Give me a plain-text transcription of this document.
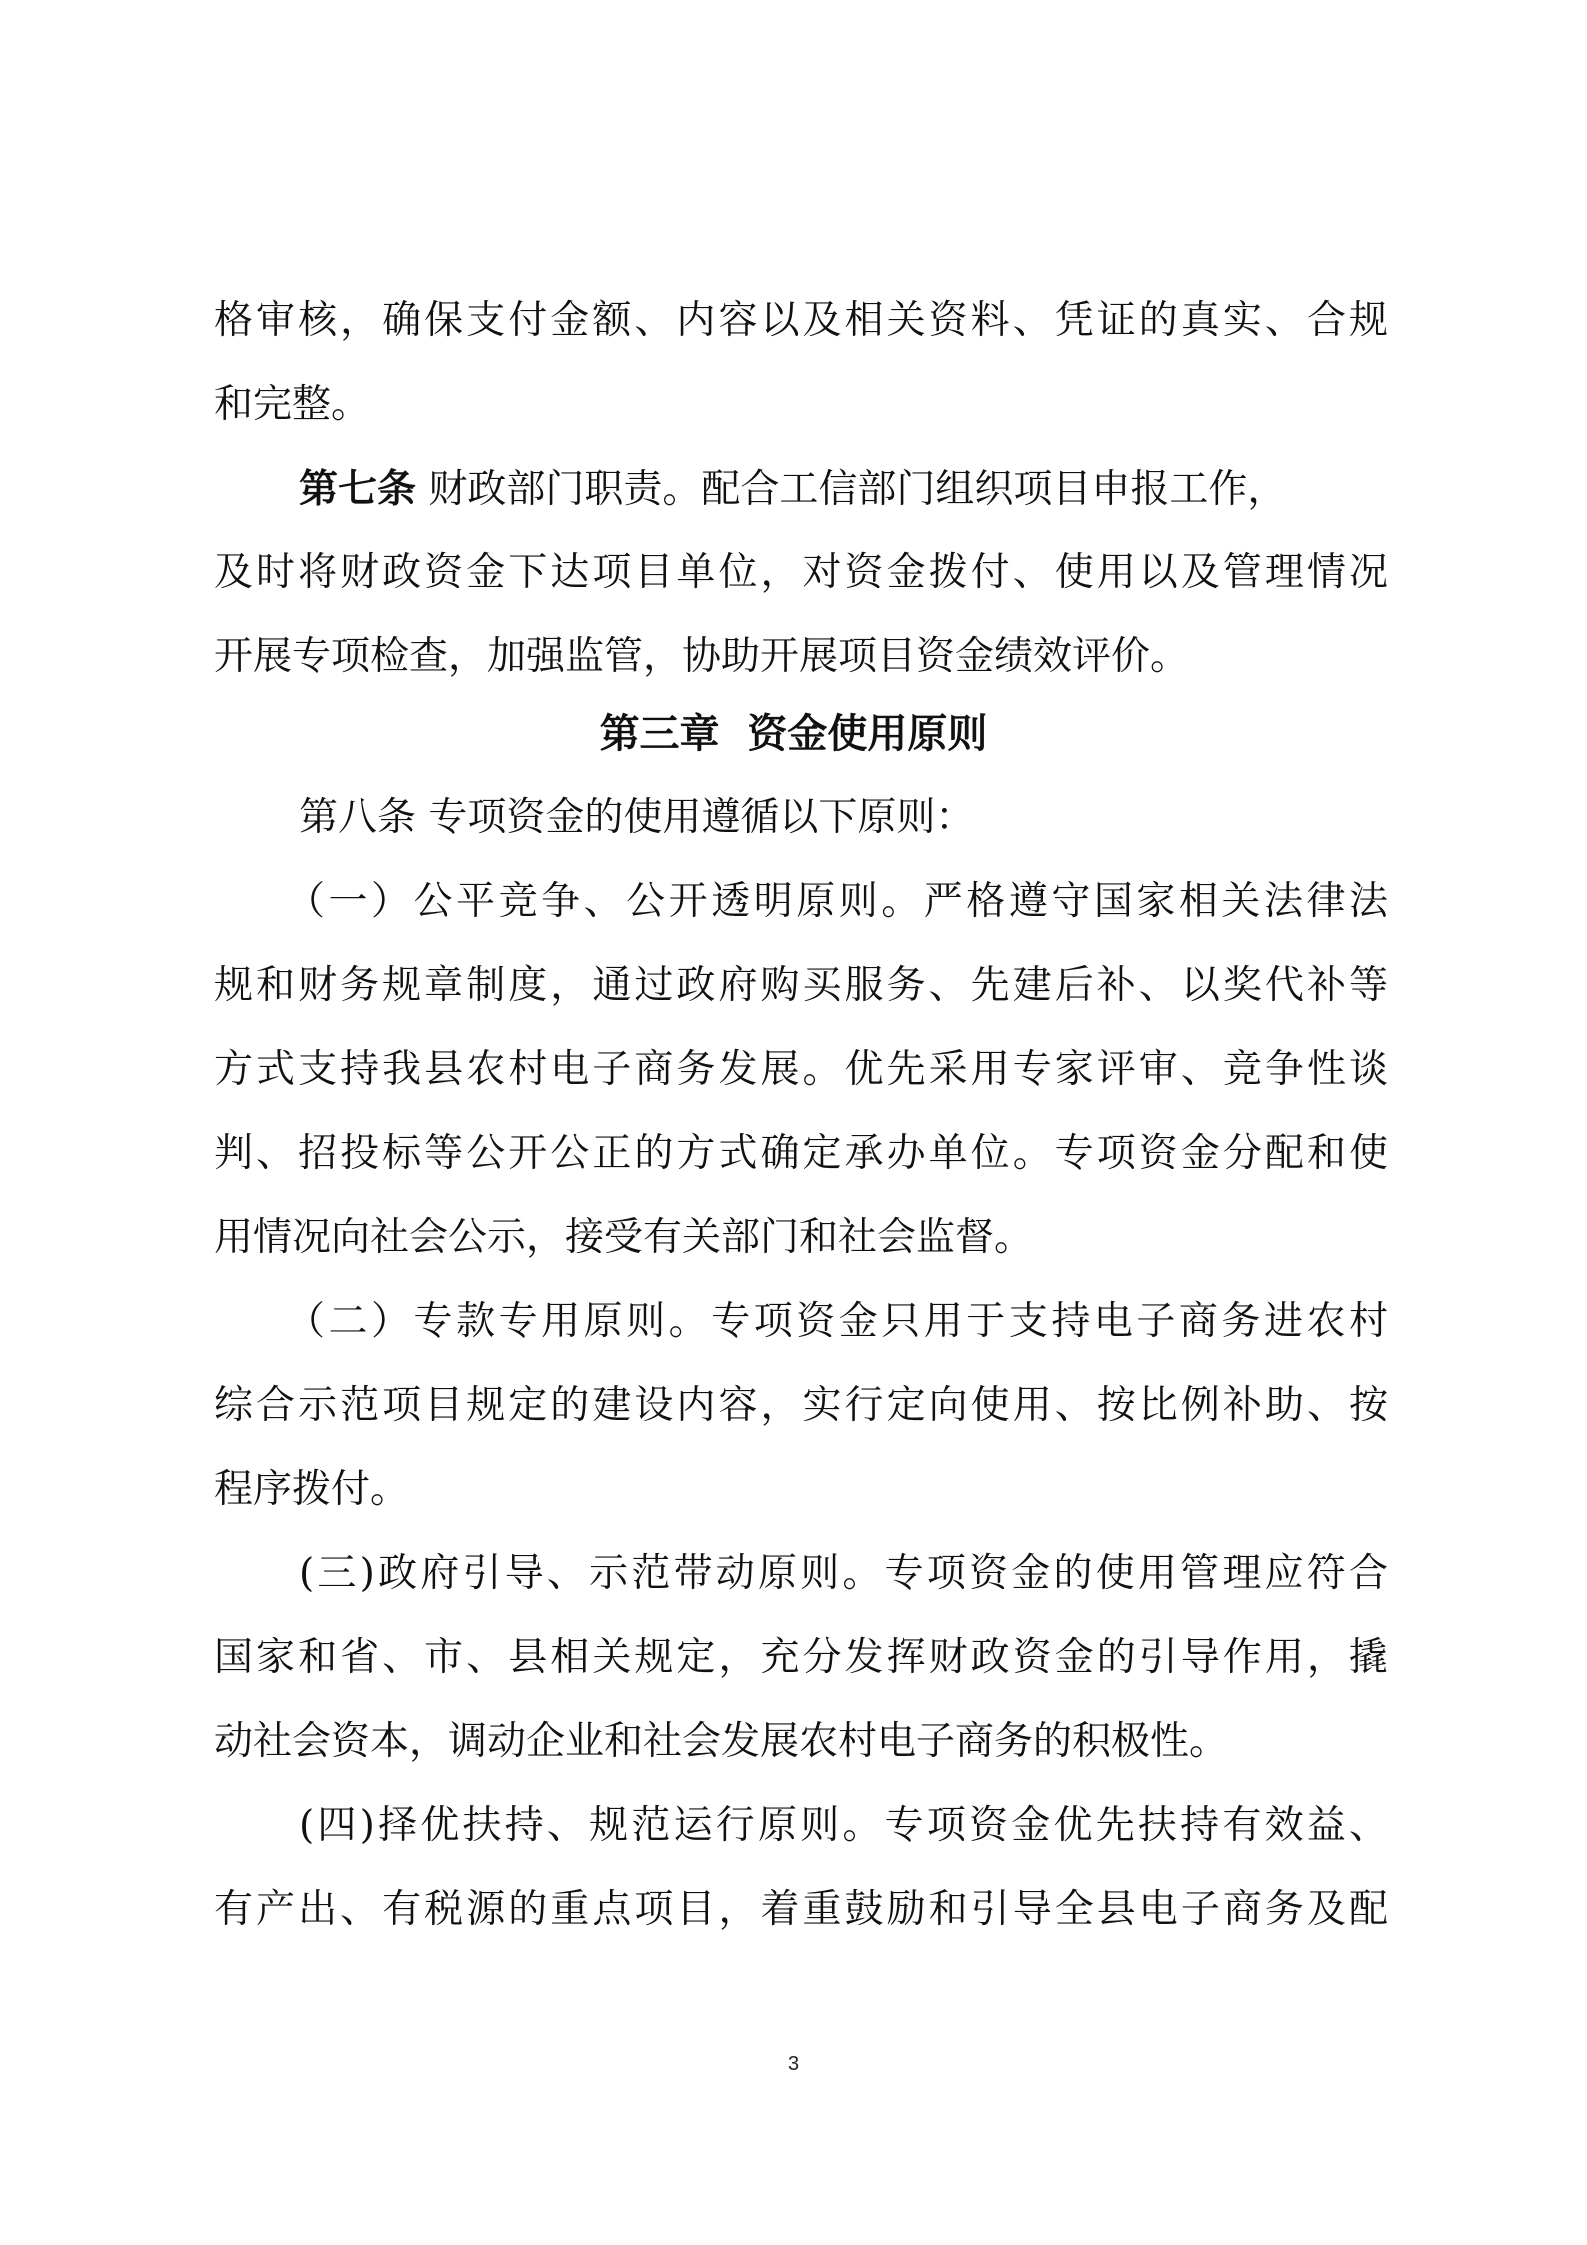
格审核，确保支付金额、内容以及相关资料、凭证的真实、合规
和完整。
第七条 财政部门职责。配合工信部门组织项目申报工作，
及时将财政资金下达项目单位，对资金拨付、使用以及管理情况
开展专项检查，加强监管，协助开展项目资金绩效评价。
第三章  资金使用原则
第八条 专项资金的使用遵循以下原则：
（一）公平竞争、公开透明原则。严格遵守国家相关法律法
规和财务规章制度，通过政府购买服务、先建后补、以奖代补等
方式支持我县农村电子商务发展。优先采用专家评审、竞争性谈
判、招投标等公开公正的方式确定承办单位。专项资金分配和使
用情况向社会公示，接受有关部门和社会监督。
（二）专款专用原则。专项资金只用于支持电子商务进农村
综合示范项目规定的建设内容，实行定向使用、按比例补助、按
程序拨付。
(三)政府引导、示范带动原则。专项资金的使用管理应符合
国家和省、市、县相关规定，充分发挥财政资金的引导作用，撬
动社会资本，调动企业和社会发展农村电子商务的积极性。
(四)择优扶持、规范运行原则。专项资金优先扶持有效益、
有产出、有税源的重点项目，着重鼓励和引导全县电子商务及配
3
